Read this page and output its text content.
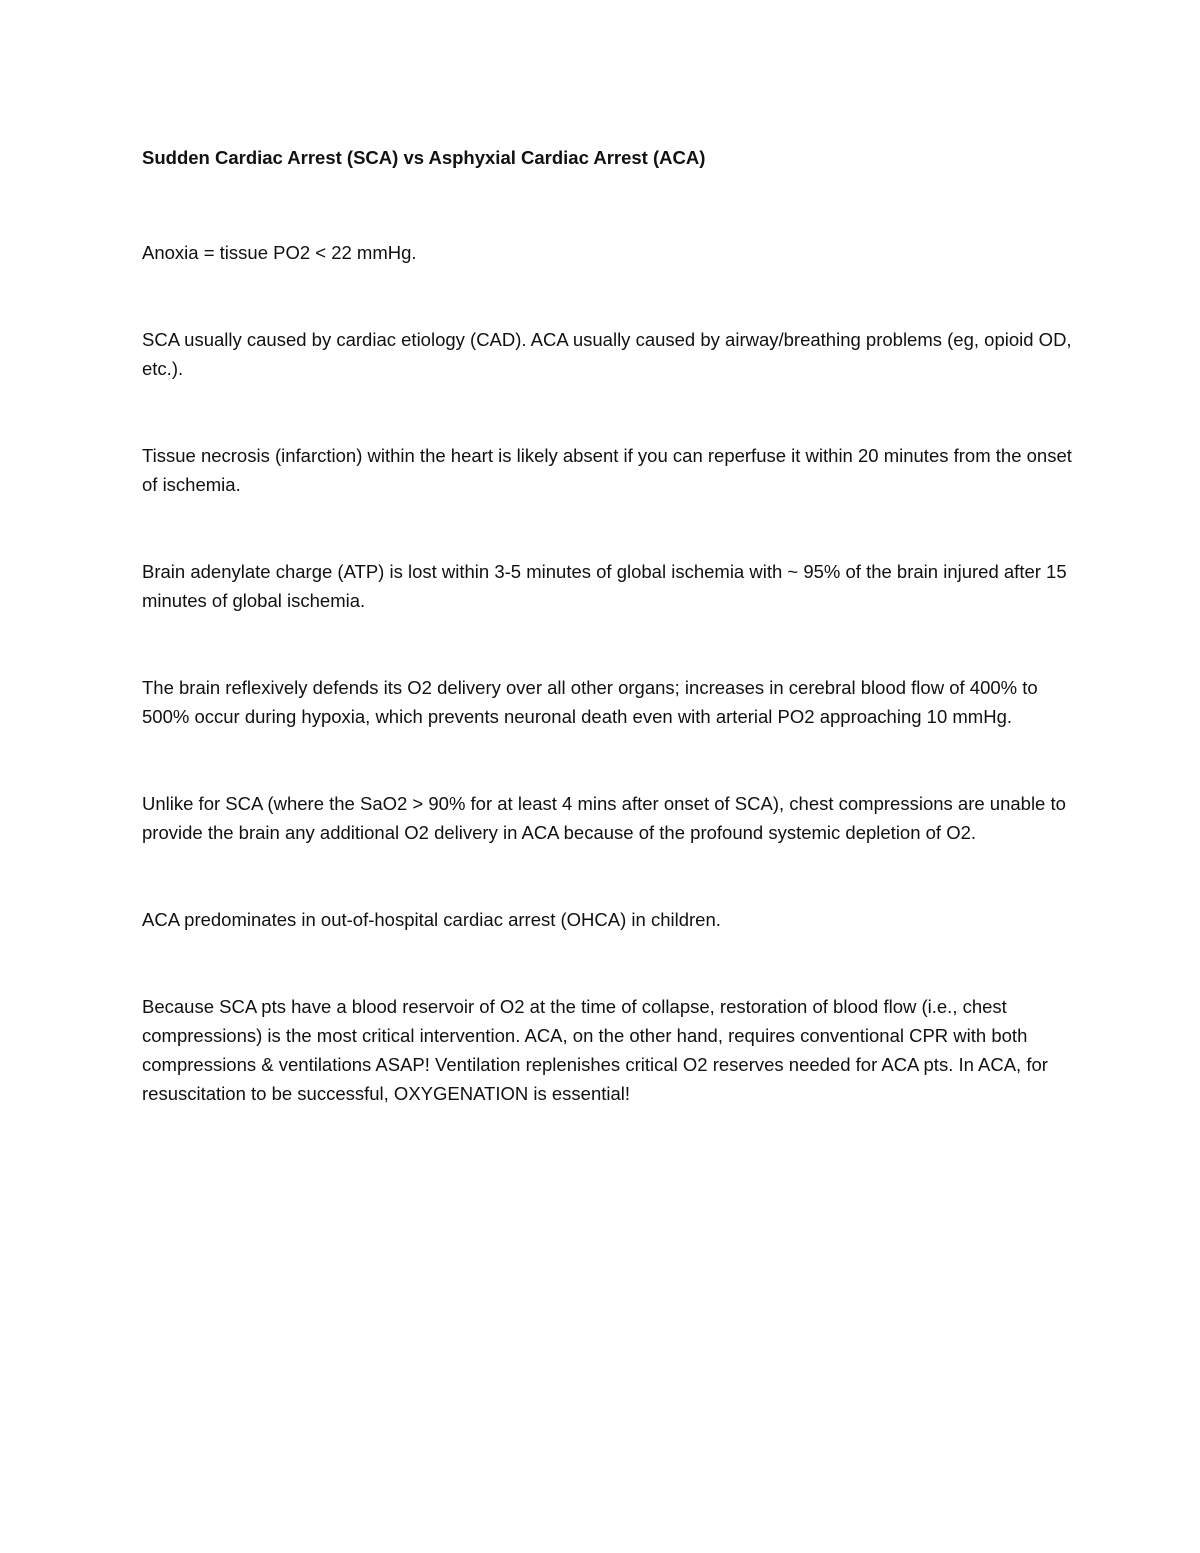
Sudden Cardiac Arrest (SCA) vs Asphyxial Cardiac Arrest (ACA)
Anoxia = tissue PO2 < 22 mmHg.
SCA usually caused by cardiac etiology (CAD). ACA usually caused by airway/breathing problems (eg, opioid OD, etc.).
Tissue necrosis (infarction) within the heart is likely absent if you can reperfuse it within 20 minutes from the onset of ischemia.
Brain adenylate charge (ATP) is lost within 3-5 minutes of global ischemia with ~ 95% of the brain injured after 15 minutes of global ischemia.
The brain reflexively defends its O2 delivery over all other organs; increases in cerebral blood flow of 400% to 500% occur during hypoxia, which prevents neuronal death even with arterial PO2 approaching 10 mmHg.
Unlike for SCA (where the SaO2 > 90% for at least 4 mins after onset of SCA), chest compressions are unable to provide the brain any additional O2 delivery in ACA because of the profound systemic depletion of O2.
ACA predominates in out-of-hospital cardiac arrest (OHCA) in children.
Because SCA pts have a blood reservoir of O2 at the time of collapse, restoration of blood flow (i.e., chest compressions) is the most critical intervention. ACA, on the other hand, requires conventional CPR with both compressions & ventilations ASAP! Ventilation replenishes critical O2 reserves needed for ACA pts. In ACA, for resuscitation to be successful, OXYGENATION is essential!
